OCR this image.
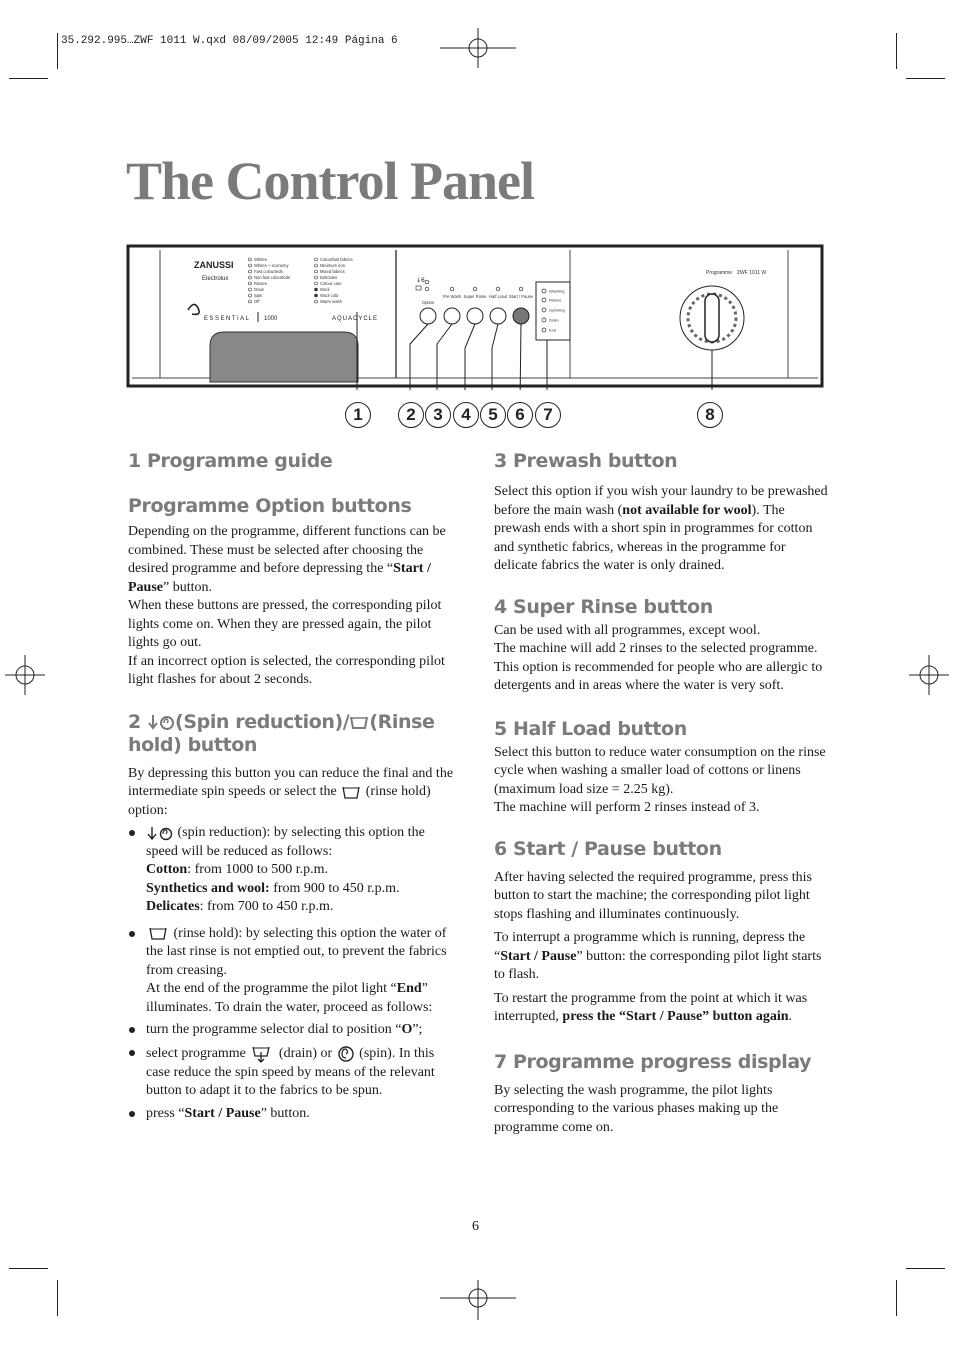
35.292.995…ZWF 1011 W.qxd 08/09/2005 12:49 Página 6
The Control Panel
ZANUSSI
Electrolux
ESSENTIAL 1000	AQUACYCLE
Whites
Whites + economy
Fast colourteds
Non fast colourteds
Rinses
Drain
Spin
Off
Colourfast fabrics
Minimum iron
Mixed fabrics
Delicates
Colour care
Wool
Wool cold
Warm wash
↓6
Option
Pre Wash Super Rinse Half Load Start / Pause
Washing
Rinses
Spinning
Drain
End
Programme ZWF 1011 W
1	2	3	4	5	6	7	8
1 Programme guide
Programme Option buttons

Depending on the programme, different functions can be combined. These must be selected after choosing the desired programme and before depressing the “Start / Pause” button.

When these buttons are pressed, the corresponding pilot lights come on. When they are pressed again, the pilot lights go out.

If an incorrect option is selected, the corresponding pilot light flashes for about 2 seconds.

2 (Spin reduction)/ (Rinse hold) button

By depressing this button you can reduce the final and the intermediate spin speeds or select the  (rinse hold) option:

(spin reduction): by selecting this option the speed will be reduced as follows:
Cotton: from 1000 to 500 r.p.m.
Synthetics and wool: from 900 to 450 r.p.m.
Delicates: from 700 to 450 r.p.m.
(rinse hold): by selecting this option the water of the last rinse is not emptied out, to prevent the fabrics from creasing.
At the end of the programme the pilot light “End” illuminates. To drain the water, proceed as follows:
turn the programme selector dial to position “O”;
select programme  (drain) or  (spin). In this case reduce the spin speed by means of the relevant button to adapt it to the fabrics to be spun.
press “Start / Pause” button.
3 Prewash button

Select this option if you wish your laundry to be prewashed before the main wash (not available for wool). The prewash ends with a short spin in programmes for cotton and synthetic fabrics, whereas in the programme for delicate fabrics the water is only drained.

4 Super Rinse button

Can be used with all programmes, except wool.

The machine will add 2 rinses to the selected programme.

This option is recommended for people who are allergic to detergents and in areas where the water is very soft.

5 Half Load button

Select this button to reduce water consumption on the rinse cycle when washing a smaller load of cottons or linens (maximum load size = 2.25 kg).

The machine will perform 2 rinses instead of 3.

6 Start / Pause button

After having selected the required programme, press this button to start the machine; the corresponding pilot light stops flashing and illuminates continuously.

To interrupt a programme which is running, depress the “Start / Pause” button: the corresponding pilot light starts to flash.

To restart the programme from the point at which it was interrupted, press the “Start / Pause” button again.

7 Programme progress display

By selecting the wash programme, the pilot lights corresponding to the various phases making up the programme come on.

6
